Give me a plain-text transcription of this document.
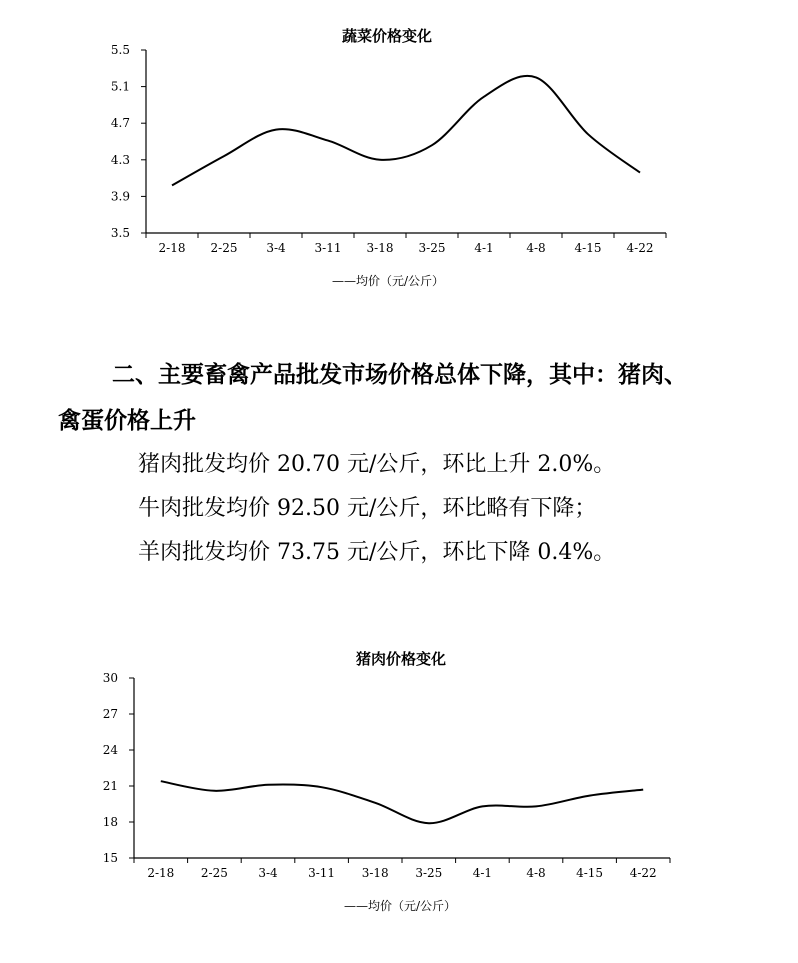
蔬菜价格变化
3.5
3.9
4.3
4.7
5.1
5.5
2-18 2-25 3-4 3-11 3-18 3-25 4-1	4-8 4-15 4-22
——均价（元/公斤）
二、主要畜禽产品批发市场价格总体下降，其中：猪肉、
禽蛋价格上升

猪肉批发均价 20.70 元/公斤，环比上升 2.0%。

牛肉批发均价 92.50 元/公斤，环比略有下降；

羊肉批发均价 73.75 元/公斤，环比下降 0.4%。

猪肉价格变化
15
18
21
24
27
30
2-18 2-25	3-4	3-11 3-18 3-25	4-1	4-8	4-15 4-22
——均价（元/公斤）
